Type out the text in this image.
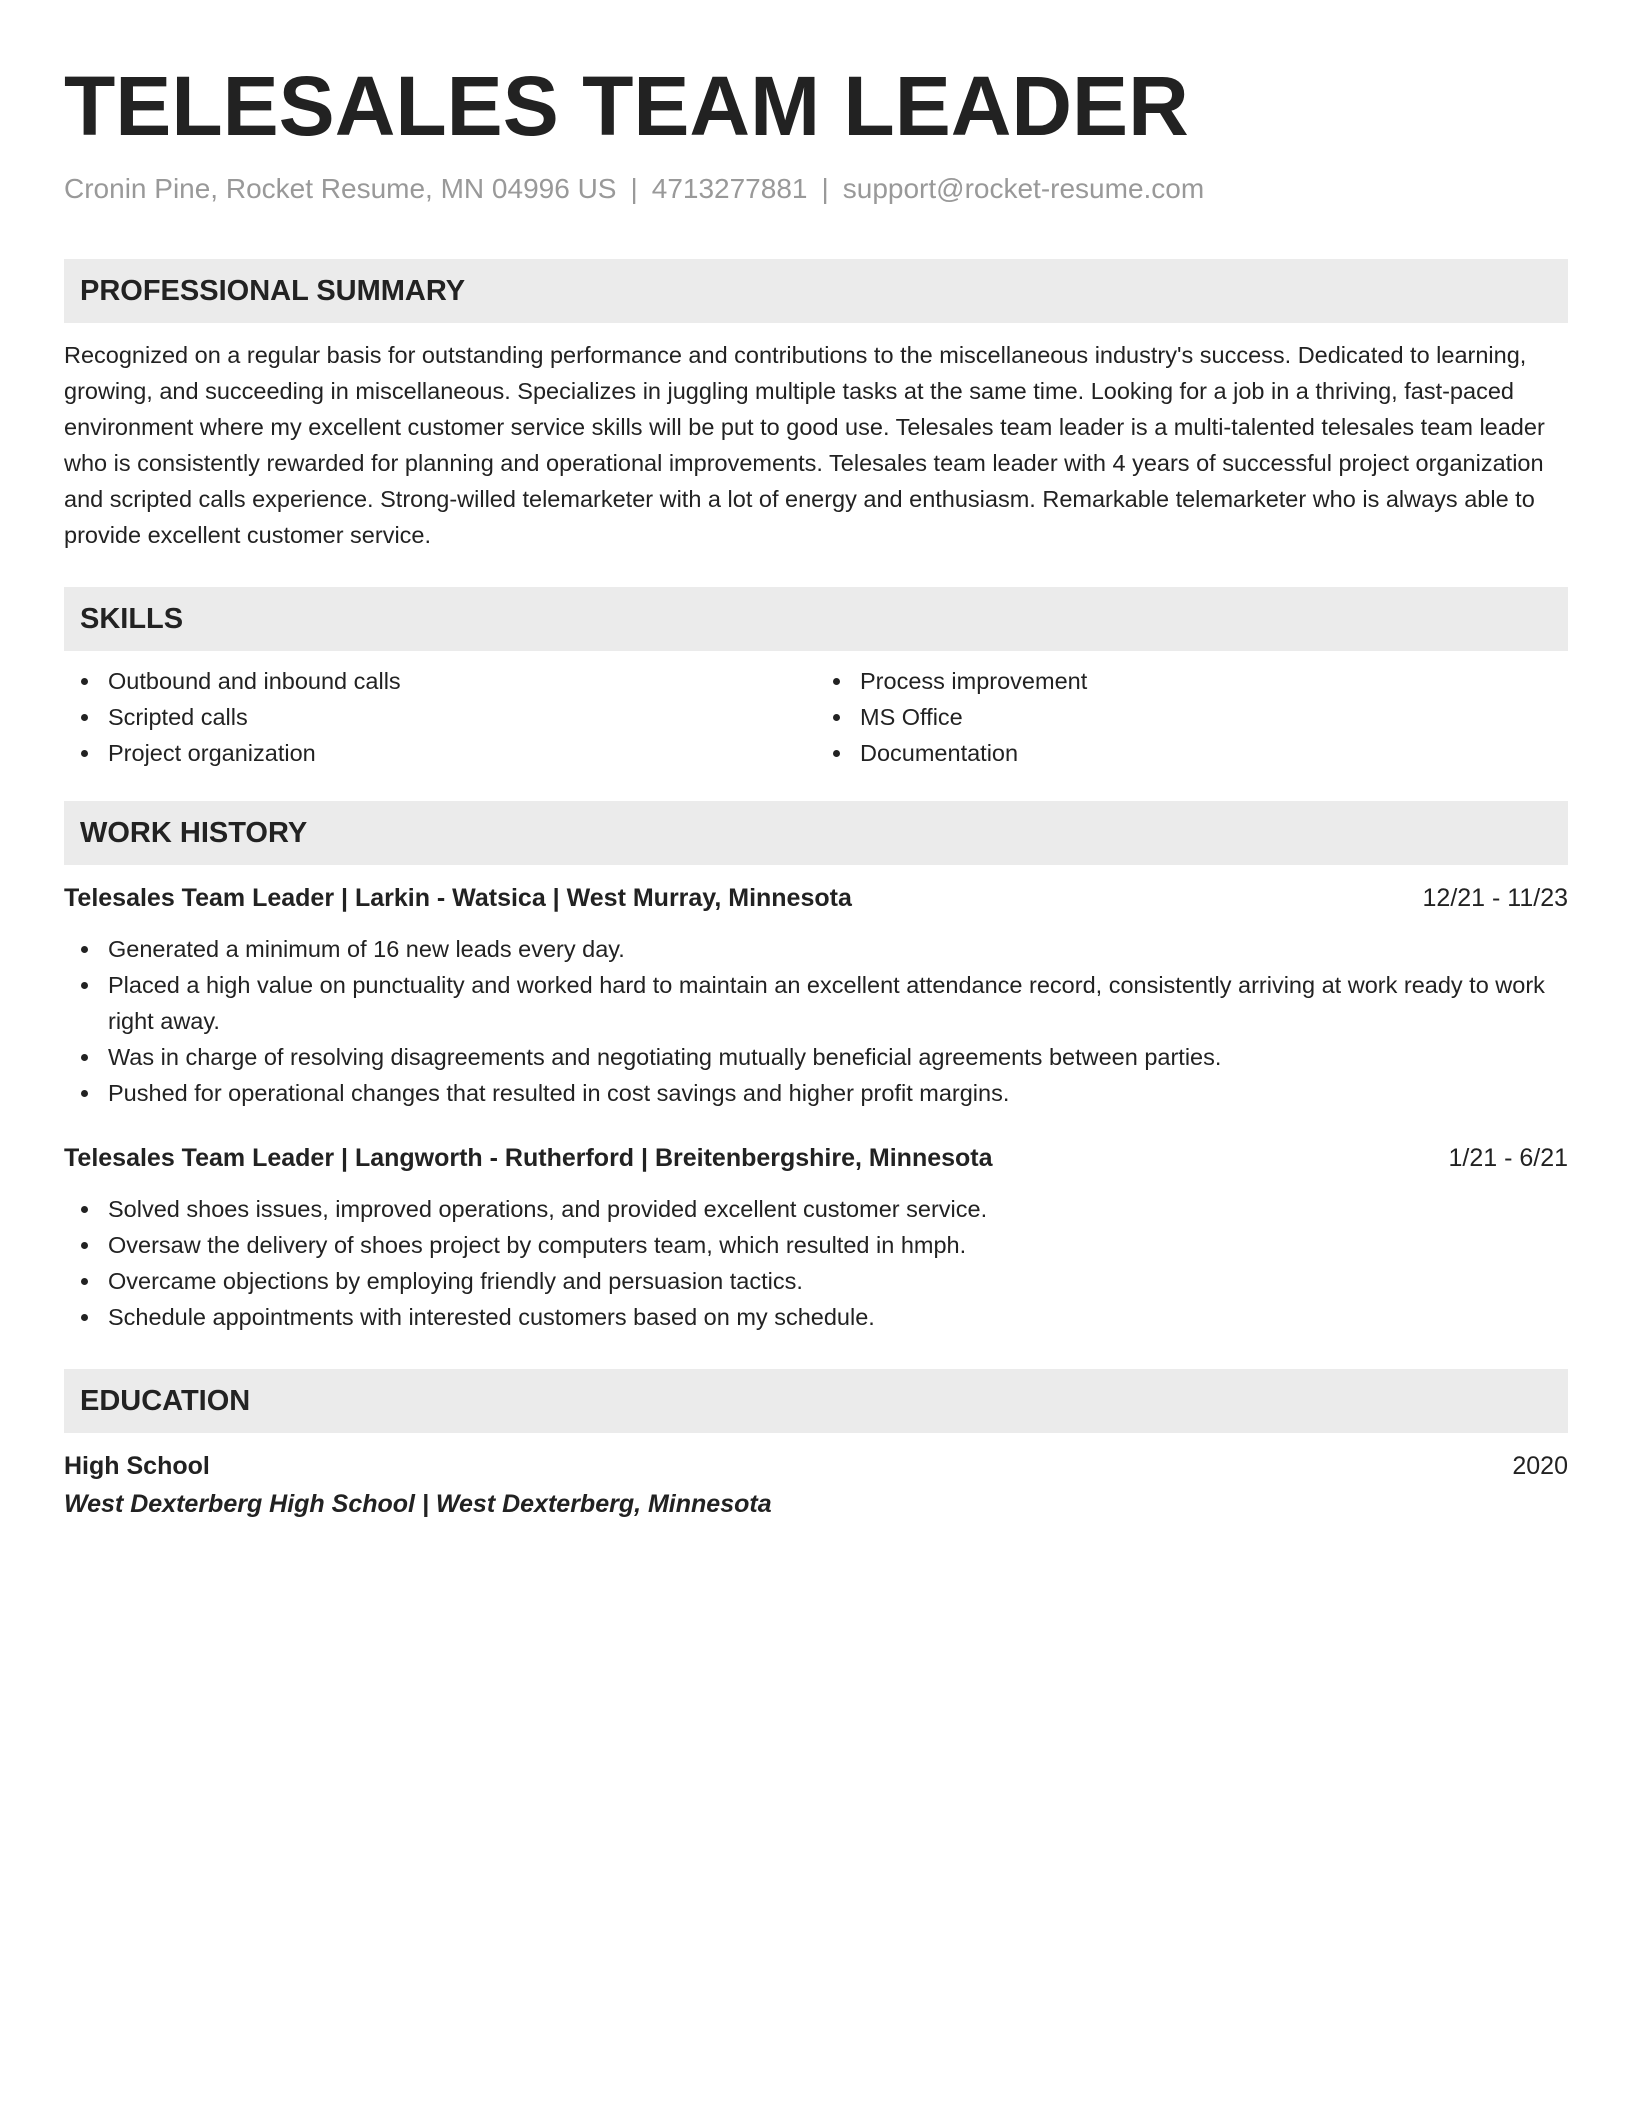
TELESALES TEAM LEADER
Cronin Pine, Rocket Resume, MN 04996 US | 4713277881 | support@rocket-resume.com
PROFESSIONAL SUMMARY

Recognized on a regular basis for outstanding performance and contributions to the miscellaneous industry's success. Dedicated to learning, growing, and succeeding in miscellaneous. Specializes in juggling multiple tasks at the same time. Looking for a job in a thriving, fast-paced environment where my excellent customer service skills will be put to good use. Telesales team leader is a multi-talented telesales team leader who is consistently rewarded for planning and operational improvements. Telesales team leader with 4 years of successful project organization and scripted calls experience. Strong-willed telemarketer with a lot of energy and enthusiasm. Remarkable telemarketer who is always able to provide excellent customer service.

SKILLS
Outbound and inbound calls
Scripted calls
Project organization
Process improvement
MS Office
Documentation
WORK HISTORY
Telesales Team Leader | Larkin - Watsica | West Murray, Minnesota	12/21 - 11/23
Generated a minimum of 16 new leads every day.
Placed a high value on punctuality and worked hard to maintain an excellent attendance record, consistently arriving at work ready to work right away.
Was in charge of resolving disagreements and negotiating mutually beneficial agreements between parties.
Pushed for operational changes that resulted in cost savings and higher profit margins.
Telesales Team Leader | Langworth - Rutherford | Breitenbergshire, Minnesota	1/21 - 6/21
Solved shoes issues, improved operations, and provided excellent customer service.
Oversaw the delivery of shoes project by computers team, which resulted in hmph.
Overcame objections by employing friendly and persuasion tactics.
Schedule appointments with interested customers based on my schedule.
EDUCATION
High School	2020
West Dexterberg High School | West Dexterberg, Minnesota
